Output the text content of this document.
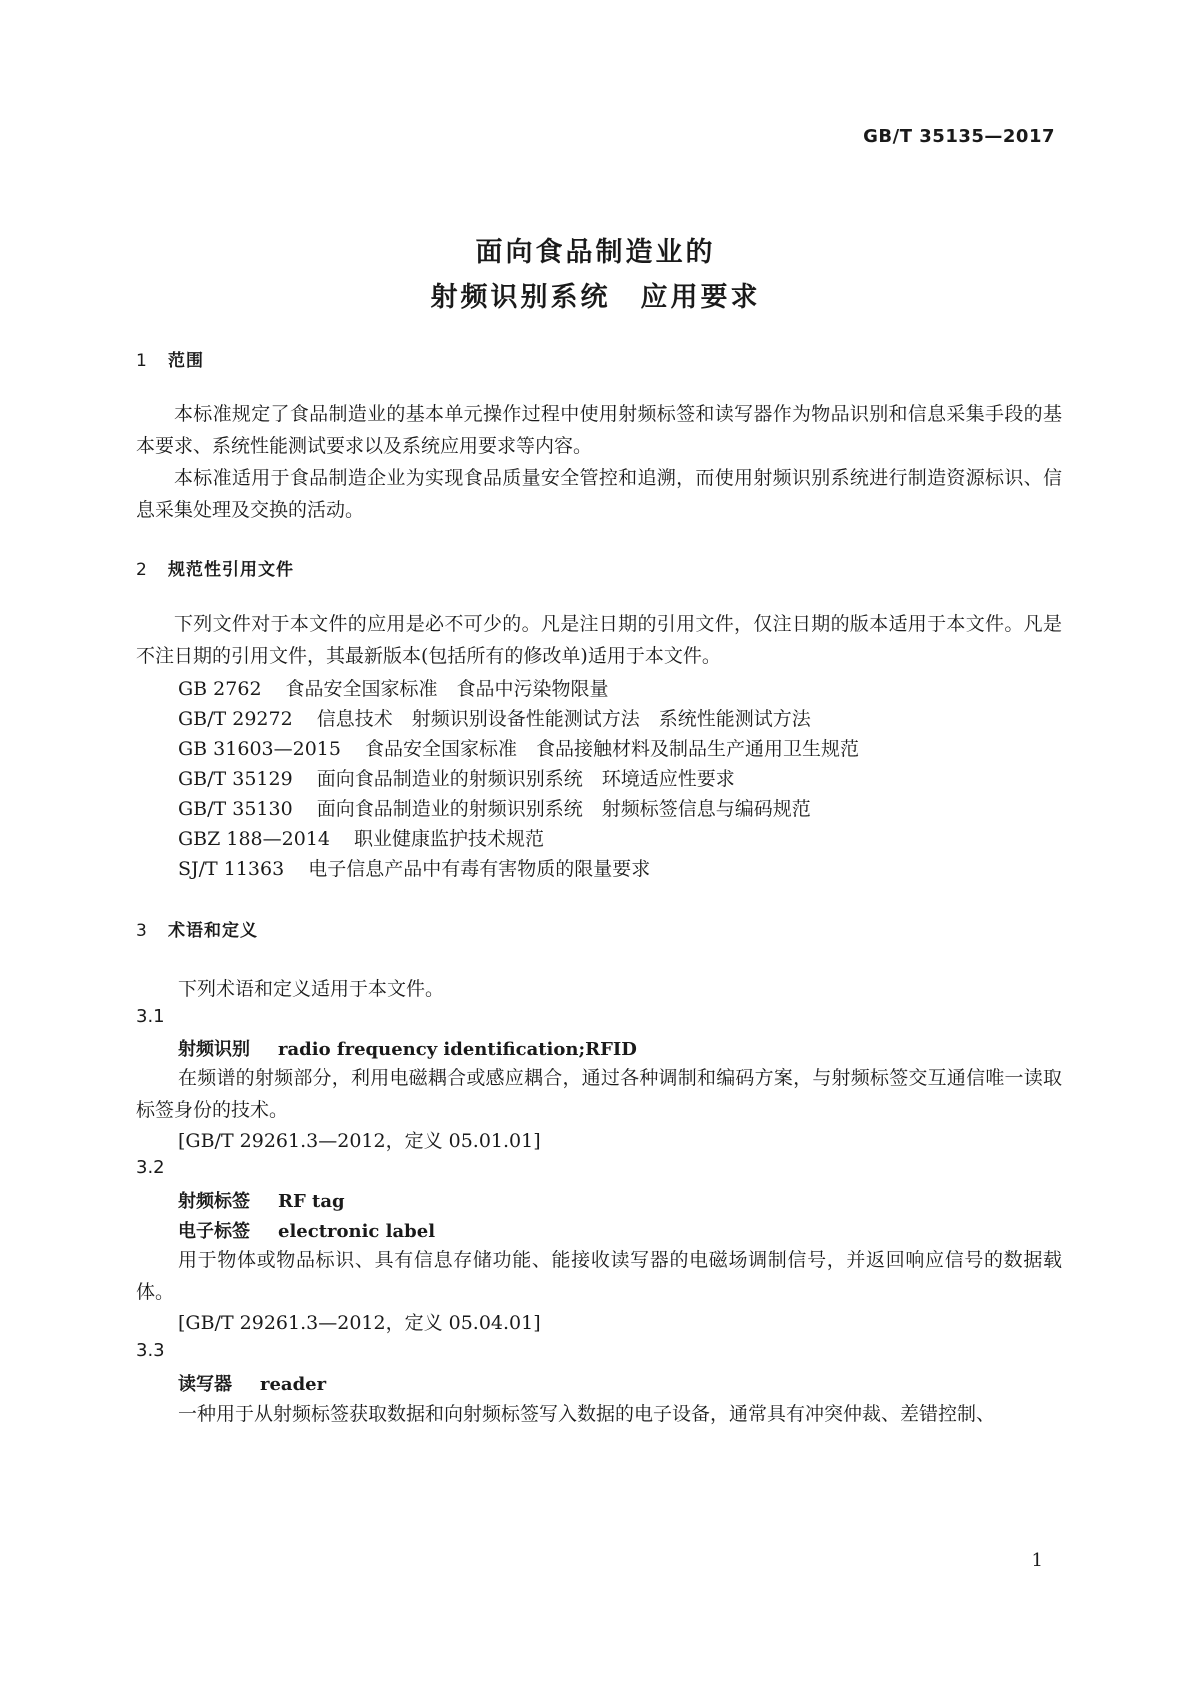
GB/T 35135—2017
面向食品制造业的
射频识别系统　应用要求
1 范围
本标准规定了食品制造业的基本单元操作过程中使用射频标签和读写器作为物品识别和信息采集手段的基本要求、系统性能测试要求以及系统应用要求等内容。
本标准适用于食品制造企业为实现食品质量安全管控和追溯，而使用射频识别系统进行制造资源标识、信息采集处理及交换的活动。
2 规范性引用文件
下列文件对于本文件的应用是必不可少的。凡是注日期的引用文件，仅注日期的版本适用于本文件。凡是不注日期的引用文件，其最新版本(包括所有的修改单)适用于本文件。
GB 2762 食品安全国家标准　食品中污染物限量
GB/T 29272 信息技术　射频识别设备性能测试方法　系统性能测试方法
GB 31603—2015 食品安全国家标准　食品接触材料及制品生产通用卫生规范
GB/T 35129 面向食品制造业的射频识别系统　环境适应性要求
GB/T 35130 面向食品制造业的射频识别系统　射频标签信息与编码规范
GBZ 188—2014 职业健康监护技术规范
SJ/T 11363 电子信息产品中有毒有害物质的限量要求
3 术语和定义
下列术语和定义适用于本文件。
3.1
射频识别 radio frequency identification;RFID
在频谱的射频部分，利用电磁耦合或感应耦合，通过各种调制和编码方案，与射频标签交互通信唯一读取标签身份的技术。
[GB/T 29261.3—2012，定义 05.01.01]
3.2
射频标签 RF tag
电子标签 electronic label
用于物体或物品标识、具有信息存储功能、能接收读写器的电磁场调制信号，并返回响应信号的数据载体。
[GB/T 29261.3—2012，定义 05.04.01]
3.3
读写器 reader
一种用于从射频标签获取数据和向射频标签写入数据的电子设备，通常具有冲突仲裁、差错控制、
1
